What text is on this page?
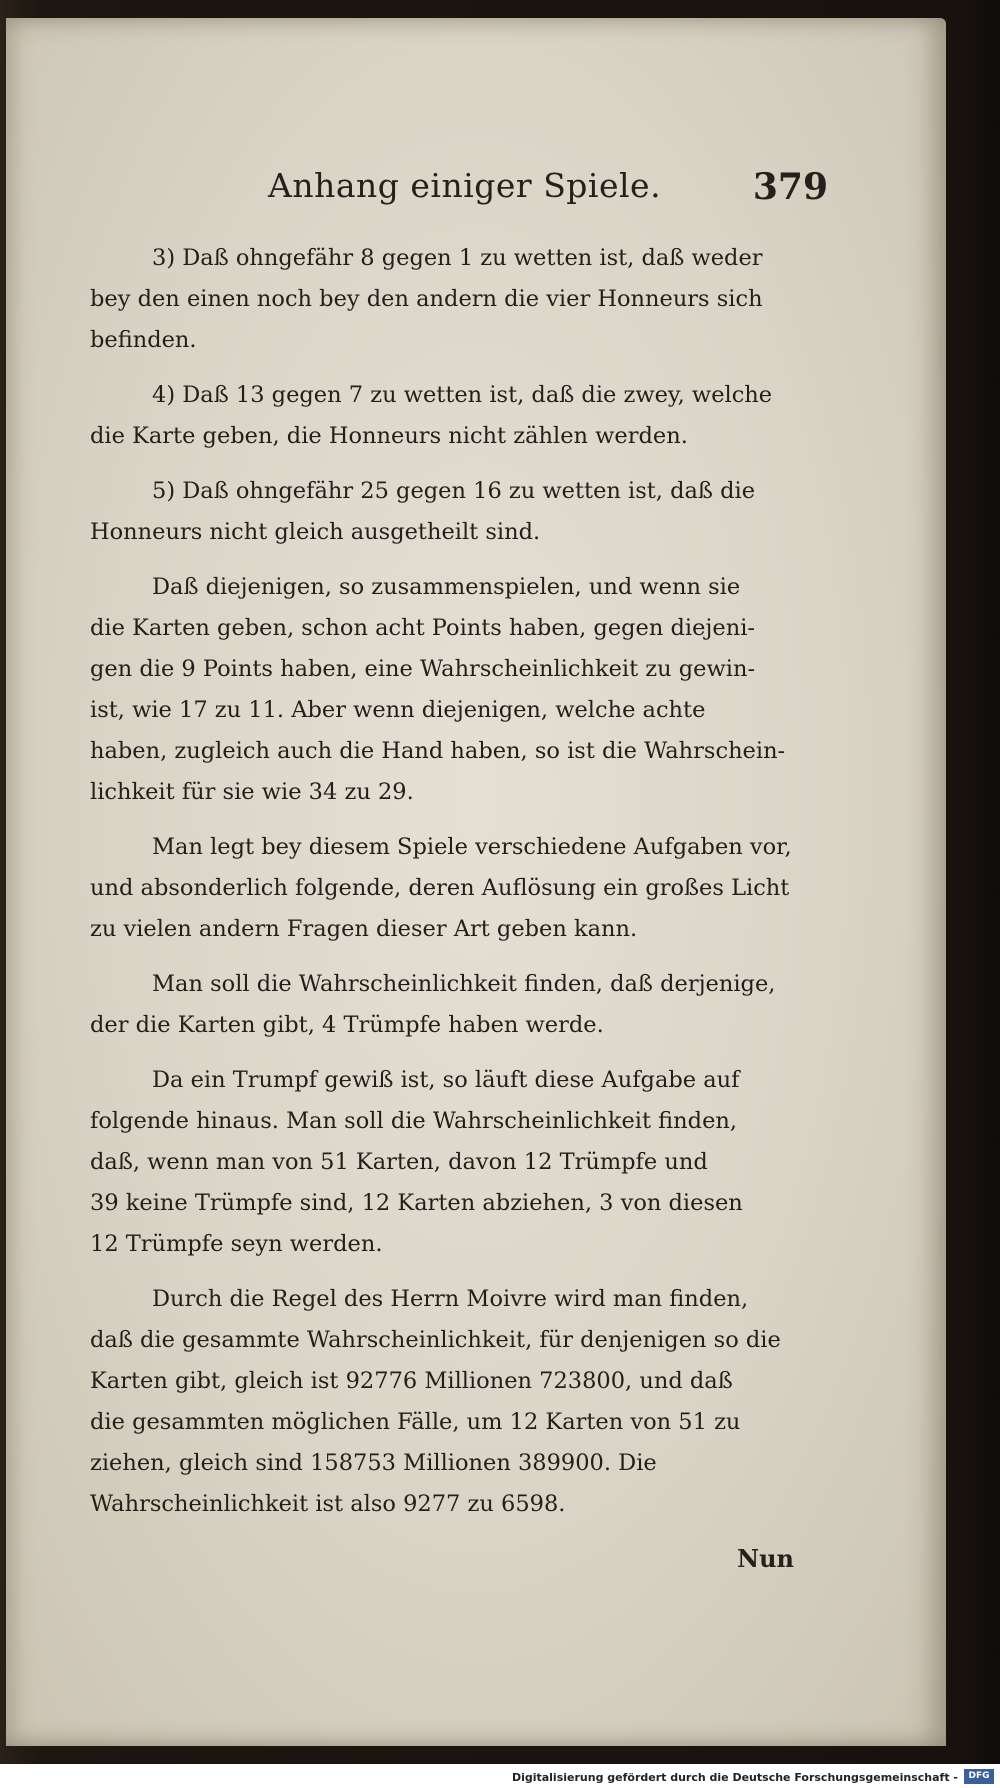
Anhang einiger Spiele.	379

3) Daß ohngefähr 8 gegen 1 zu wetten ist, daß weder
bey den einen noch bey den andern die vier Honneurs sich
befinden.

4) Daß 13 gegen 7 zu wetten ist, daß die zwey, welche
die Karte geben, die Honneurs nicht zählen werden.

5) Daß ohngefähr 25 gegen 16 zu wetten ist, daß die
Honneurs nicht gleich ausgetheilt sind.

Daß diejenigen, so zusammenspielen, und wenn sie
die Karten geben, schon acht Points haben, gegen diejeni-
gen die 9 Points haben, eine Wahrscheinlichkeit zu gewin-
ist, wie 17 zu 11. Aber wenn diejenigen, welche achte
haben, zugleich auch die Hand haben, so ist die Wahrschein-
lichkeit für sie wie 34 zu 29.

Man legt bey diesem Spiele verschiedene Aufgaben vor,
und absonderlich folgende, deren Auflösung ein großes Licht
zu vielen andern Fragen dieser Art geben kann.

Man soll die Wahrscheinlichkeit finden, daß derjenige,
der die Karten gibt, 4 Trümpfe haben werde.

Da ein Trumpf gewiß ist, so läuft diese Aufgabe auf
folgende hinaus. Man soll die Wahrscheinlichkeit finden,
daß, wenn man von 51 Karten, davon 12 Trümpfe und
39 keine Trümpfe sind, 12 Karten abziehen, 3 von diesen
12 Trümpfe seyn werden.

Durch die Regel des Herrn Moivre wird man finden,
daß die gesammte Wahrscheinlichkeit, für denjenigen so die
Karten gibt, gleich ist 92776 Millionen 723800, und daß
die gesammten möglichen Fälle, um 12 Karten von 51 zu
ziehen, gleich sind 158753 Millionen 389900. Die
Wahrscheinlichkeit ist also 9277 zu 6598.

Nun
Digitalisierung gefördert durch die Deutsche Forschungsgemeinschaft -	DFG
